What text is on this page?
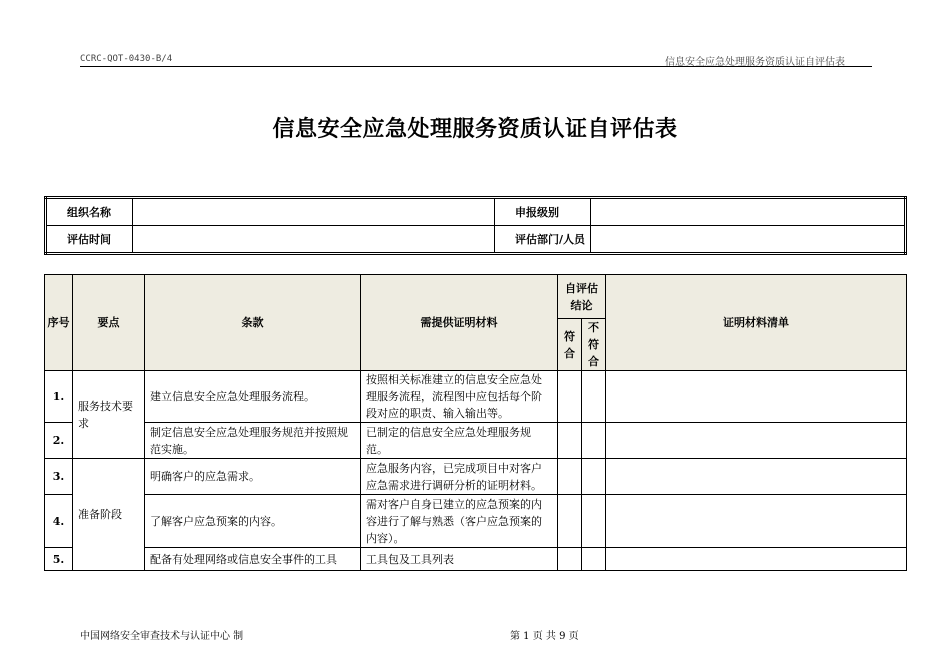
CCRC-QOT-0430-B/4	信息安全应急处理服务资质认证自评估表
信息安全应急处理服务资质认证自评估表
组织名称		申报级别	
评估时间		评估部门/人员	
序号	要点	条款	需提供证明材料	自评估结论		证明材料清单
				符合	不符合	
1.	服务技术要求	建立信息安全应急处理服务流程。	按照相关标准建立的信息安全应急处理服务流程，流程图中应包括每个阶段对应的职责、输入输出等。			
2.		制定信息安全应急处理服务规范并按照规范实施。	已制定的信息安全应急处理服务规范。			
3.	准备阶段	明确客户的应急需求。	应急服务内容，已完成项目中对客户应急需求进行调研分析的证明材料。			
4.		了解客户应急预案的内容。	需对客户自身已建立的应急预案的内容进行了解与熟悉（客户应急预案的内容）。			
5.		配备有处理网络或信息安全事件的工具	工具包及工具列表			
中国网络安全审查技术与认证中心 制	第 1 页 共 9 页
